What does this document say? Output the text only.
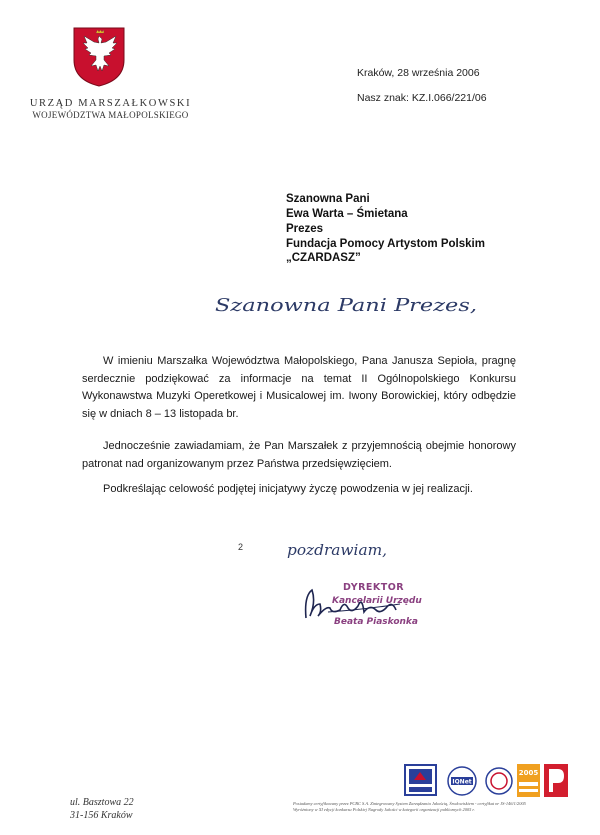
URZĄD MARSZAŁKOWSKI
WOJEWÓDZTWA MAŁOPOLSKIEGO
Kraków, 28 września 2006
Nasz znak: KZ.I.066/221/06
Szanowna Pani
Ewa Warta – Śmietana
Prezes
Fundacja Pomocy Artystom Polskim
„CZARDASZ”
Szanowna Pani Prezes,
W imieniu Marszałka Województwa Małopolskiego, Pana Janusza Sepioła, pragnę serdecznie podziękować za informacje na temat II Ogólnopolskiego Konkursu Wykonawstwa Muzyki Operetkowej i Musicalowej im. Iwony Borowickiej, który odbędzie się w dniach 8 – 13 listopada br.
Jednocześnie zawiadamiam, że Pan Marszałek z przyjemnością obejmie honorowy patronat nad organizowanym przez Państwa przedsięwzięciem.
Podkreślając celowość podjętej inicjatywy życzę powodzenia w jej realizacji.
2	pozdrawiam,
DYREKTOR
Kancelarii Urzędu
Beata Piaskonka
ul. Basztowa 22
31-156 Kraków
IQNet
2005
Posiadamy certyfikowany przez PCBC S.A. Zintegrowany System Zarządzania Jakością, Środowiskiem - certyfikat nr JS-146/1/2005
Wyróżniony w XI edycji konkursu Polskiej Nagrody Jakości w kategorii organizacji publicznych 2005 r.
